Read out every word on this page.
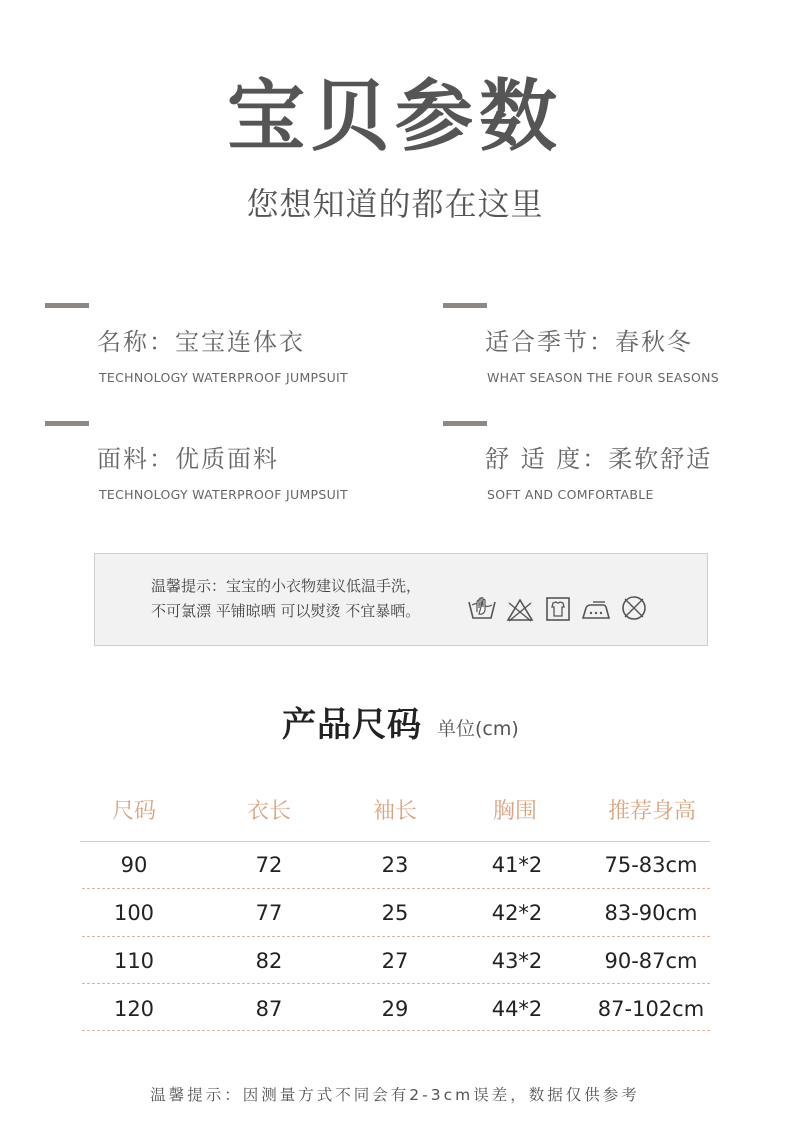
宝贝参数
您想知道的都在这里
名称：宝宝连体衣
TECHNOLOGY WATERPROOF JUMPSUIT
适合季节：春秋冬
WHAT SEASON THE FOUR SEASONS
面料：优质面料
TECHNOLOGY WATERPROOF JUMPSUIT
舒 适 度：柔软舒适
SOFT AND COMFORTABLE
温馨提示：宝宝的小衣物建议低温手洗，
不可氯漂 平铺晾晒 可以熨烫 不宜暴晒。
产品尺码 单位(cm)
尺码	衣长	袖长	胸围	推荐身高
90	72	23	41*2	75-83cm
100	77	25	42*2	83-90cm
110	82	27	43*2	90-87cm
120	87	29	44*2	87-102cm
温馨提示：因测量方式不同会有2-3cm误差，数据仅供参考
